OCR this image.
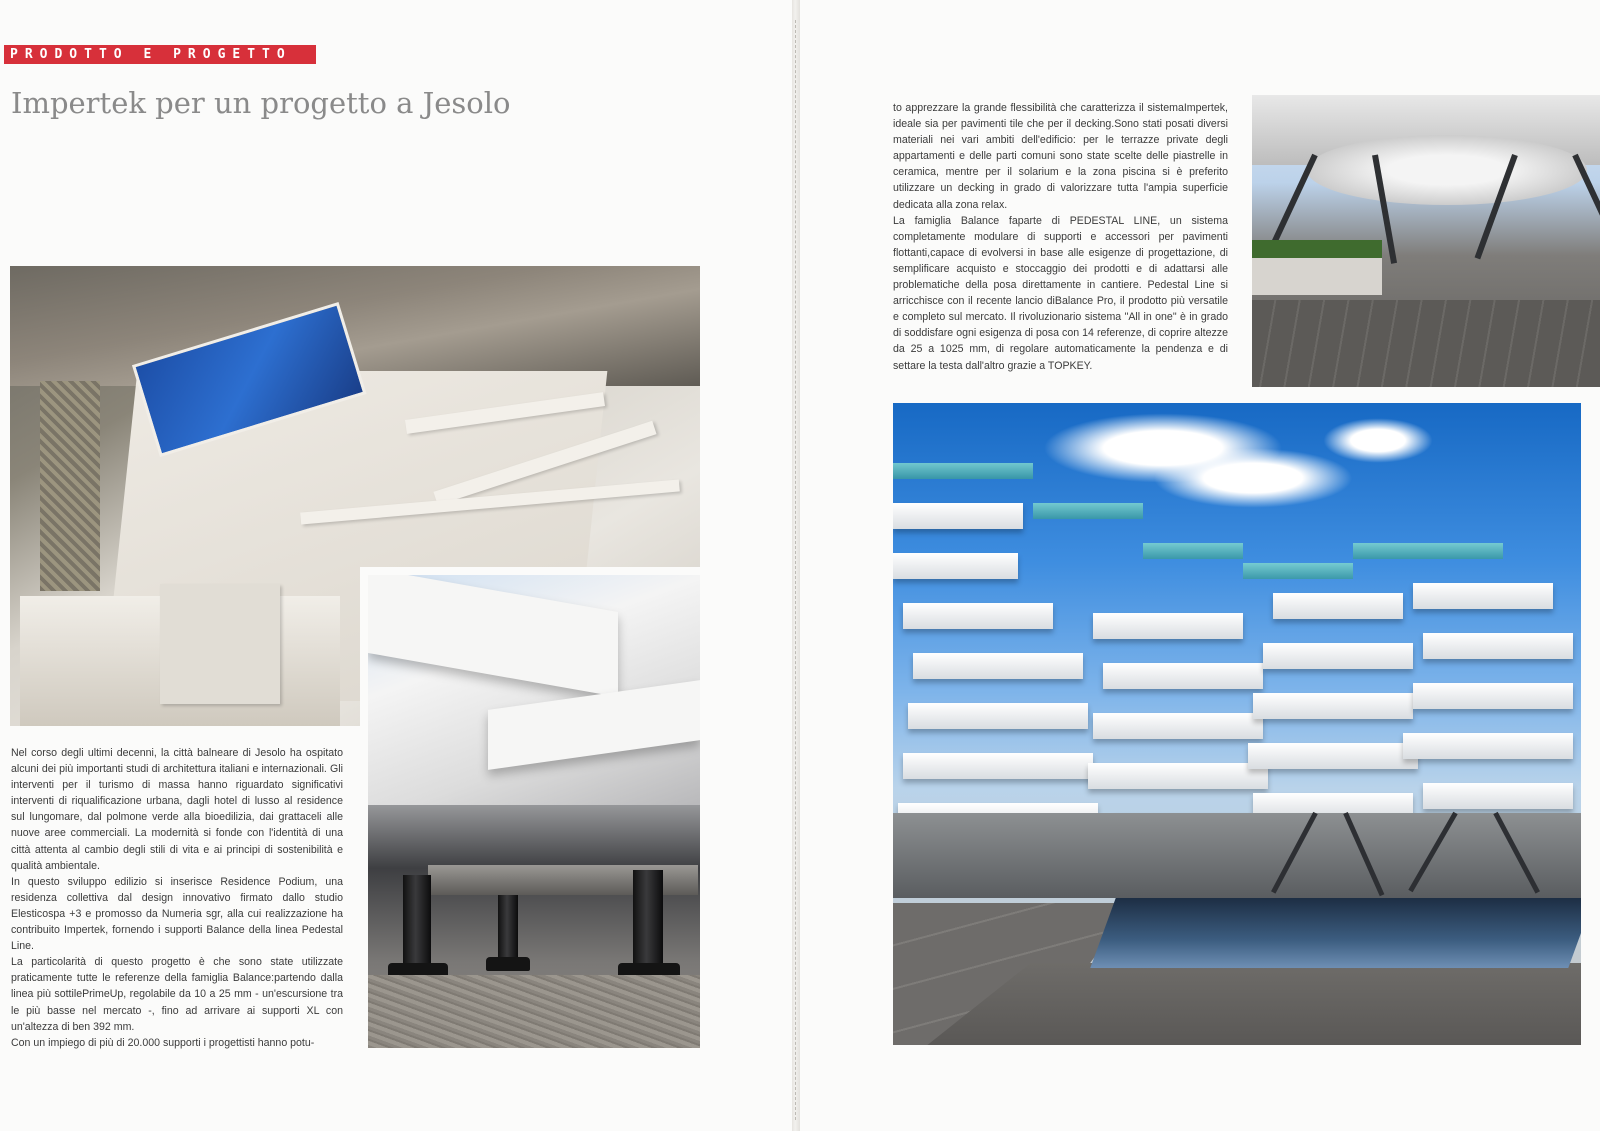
PRODOTTO E PROGETTO
Impertek per un progetto a Jesolo

Nel corso degli ultimi decenni, la città balneare di Jesolo ha ospitato alcuni dei più importanti studi di architettura italiani e internazionali. Gli interventi per il turismo di massa hanno riguardato significativi interventi di riqualificazione urbana, dagli hotel di lusso al residence sul lungomare, dal polmone verde alla bioedilizia, dai grattaceli alle nuove aree commerciali. La modernità si fonde con l'identità di una città attenta al cambio degli stili di vita e ai principi di sostenibilità e qualità ambientale.

In questo sviluppo edilizio si inserisce Residence Podium, una residenza collettiva dal design innovativo firmato dallo studio Elesticospa +3 e promosso da Numeria sgr, alla cui realizzazione ha contribuito Impertek, fornendo i supporti Balance della linea Pedestal Line.

La particolarità di questo progetto è che sono state utilizzate praticamente tutte le referenze della famiglia Balance:partendo dalla linea più sottilePrimeUp, regolabile da 10 a 25 mm - un'escursione tra le più basse nel mercato -, fino ad arrivare ai supporti XL con un'altezza di ben 392 mm.

Con un impiego di più di 20.000 supporti i progettisti hanno potu-

to apprezzare la grande flessibilità che caratterizza il sistemaImpertek, ideale sia per pavimenti tile che per il decking.Sono stati posati diversi materiali nei vari ambiti dell'edificio: per le terrazze private degli appartamenti e delle parti comuni sono state scelte delle piastrelle in ceramica, mentre per il solarium e la zona piscina si è preferito utilizzare un decking in grado di valorizzare tutta l'ampia superficie dedicata alla zona relax.

La famiglia Balance faparte di PEDESTAL LINE, un sistema completamente modulare di supporti e accessori per pavimenti flottanti,capace di evolversi in base alle esigenze di progettazione, di semplificare acquisto e stoccaggio dei prodotti e di adattarsi alle problematiche della posa direttamente in cantiere. Pedestal Line si arricchisce con il recente lancio diBalance Pro, il prodotto più versatile e completo sul mercato. Il rivoluzionario sistema "All in one" è in grado di soddisfare ogni esigenza di posa con 14 referenze, di coprire altezze da 25 a 1025 mm, di regolare automaticamente la pendenza e di settare la testa dall'altro grazie a TOPKEY.
